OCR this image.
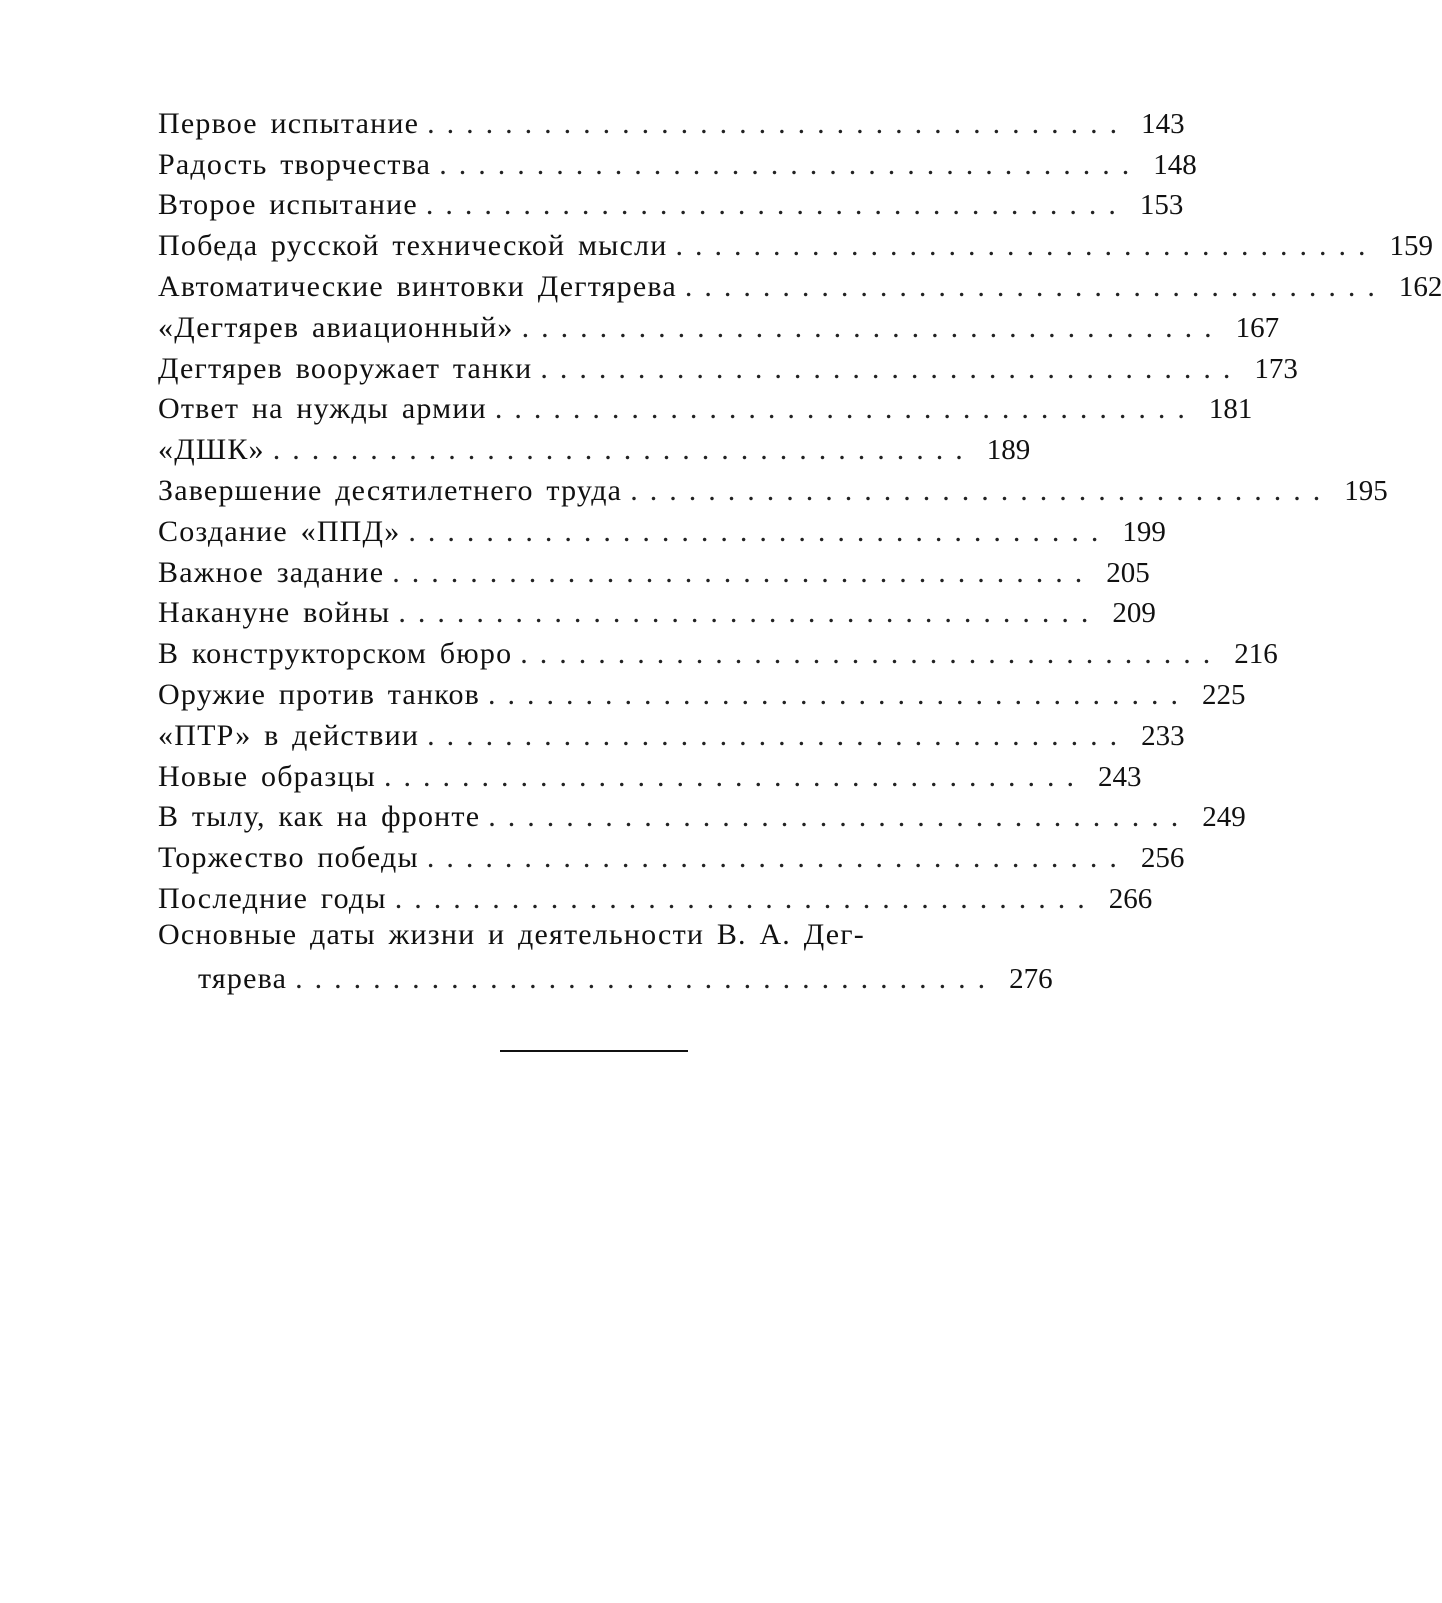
Первое испытание .................................... 143
Радость творчества .................................... 148
Второе испытание .................................... 153
Победа русской технической мысли .................................... 159
Автоматические винтовки Дегтярева .................................... 162
«Дегтярев авиационный» .................................... 167
Дегтярев вооружает танки .................................... 173
Ответ на нужды армии .................................... 181
«ДШК» .................................... 189
Завершение десятилетнего труда .................................... 195
Создание «ППД» .................................... 199
Важное задание .................................... 205
Накануне войны .................................... 209
В конструкторском бюро .................................... 216
Оружие против танков .................................... 225
«ПТР» в действии .................................... 233
Новые образцы .................................... 243
В тылу, как на фронте .................................... 249
Торжество победы .................................... 256
Последние годы .................................... 266
Основные даты жизни и деятельности В. А. Дег-
тярева .................................... 276
